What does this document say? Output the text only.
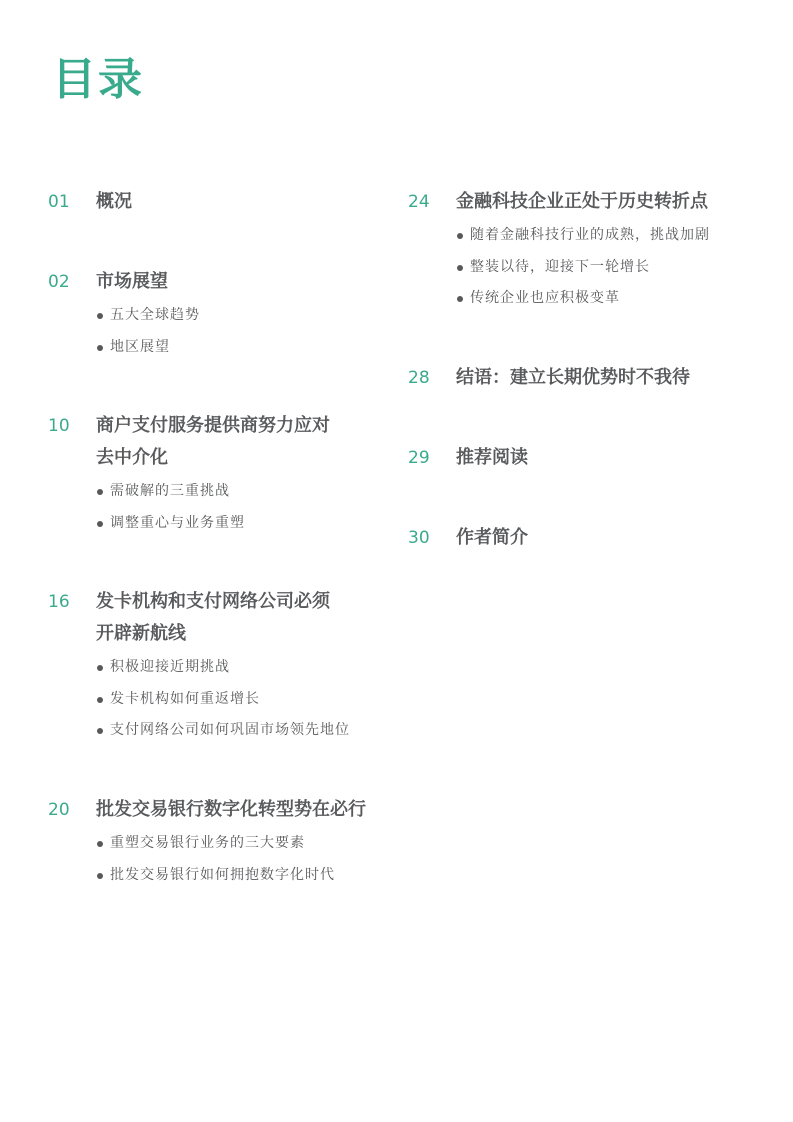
目录
01 概况
02 市场展望
五大全球趋势
地区展望
10 商户支付服务提供商努力应对
去中介化
需破解的三重挑战
调整重心与业务重塑
16 发卡机构和支付网络公司必须
开辟新航线
积极迎接近期挑战
发卡机构如何重返增长
支付网络公司如何巩固市场领先地位
20 批发交易银行数字化转型势在必行
重塑交易银行业务的三大要素
批发交易银行如何拥抱数字化时代
24 金融科技企业正处于历史转折点
随着金融科技行业的成熟，挑战加剧
整装以待，迎接下一轮增长
传统企业也应积极变革
28 结语：建立长期优势时不我待
29 推荐阅读
30 作者简介
